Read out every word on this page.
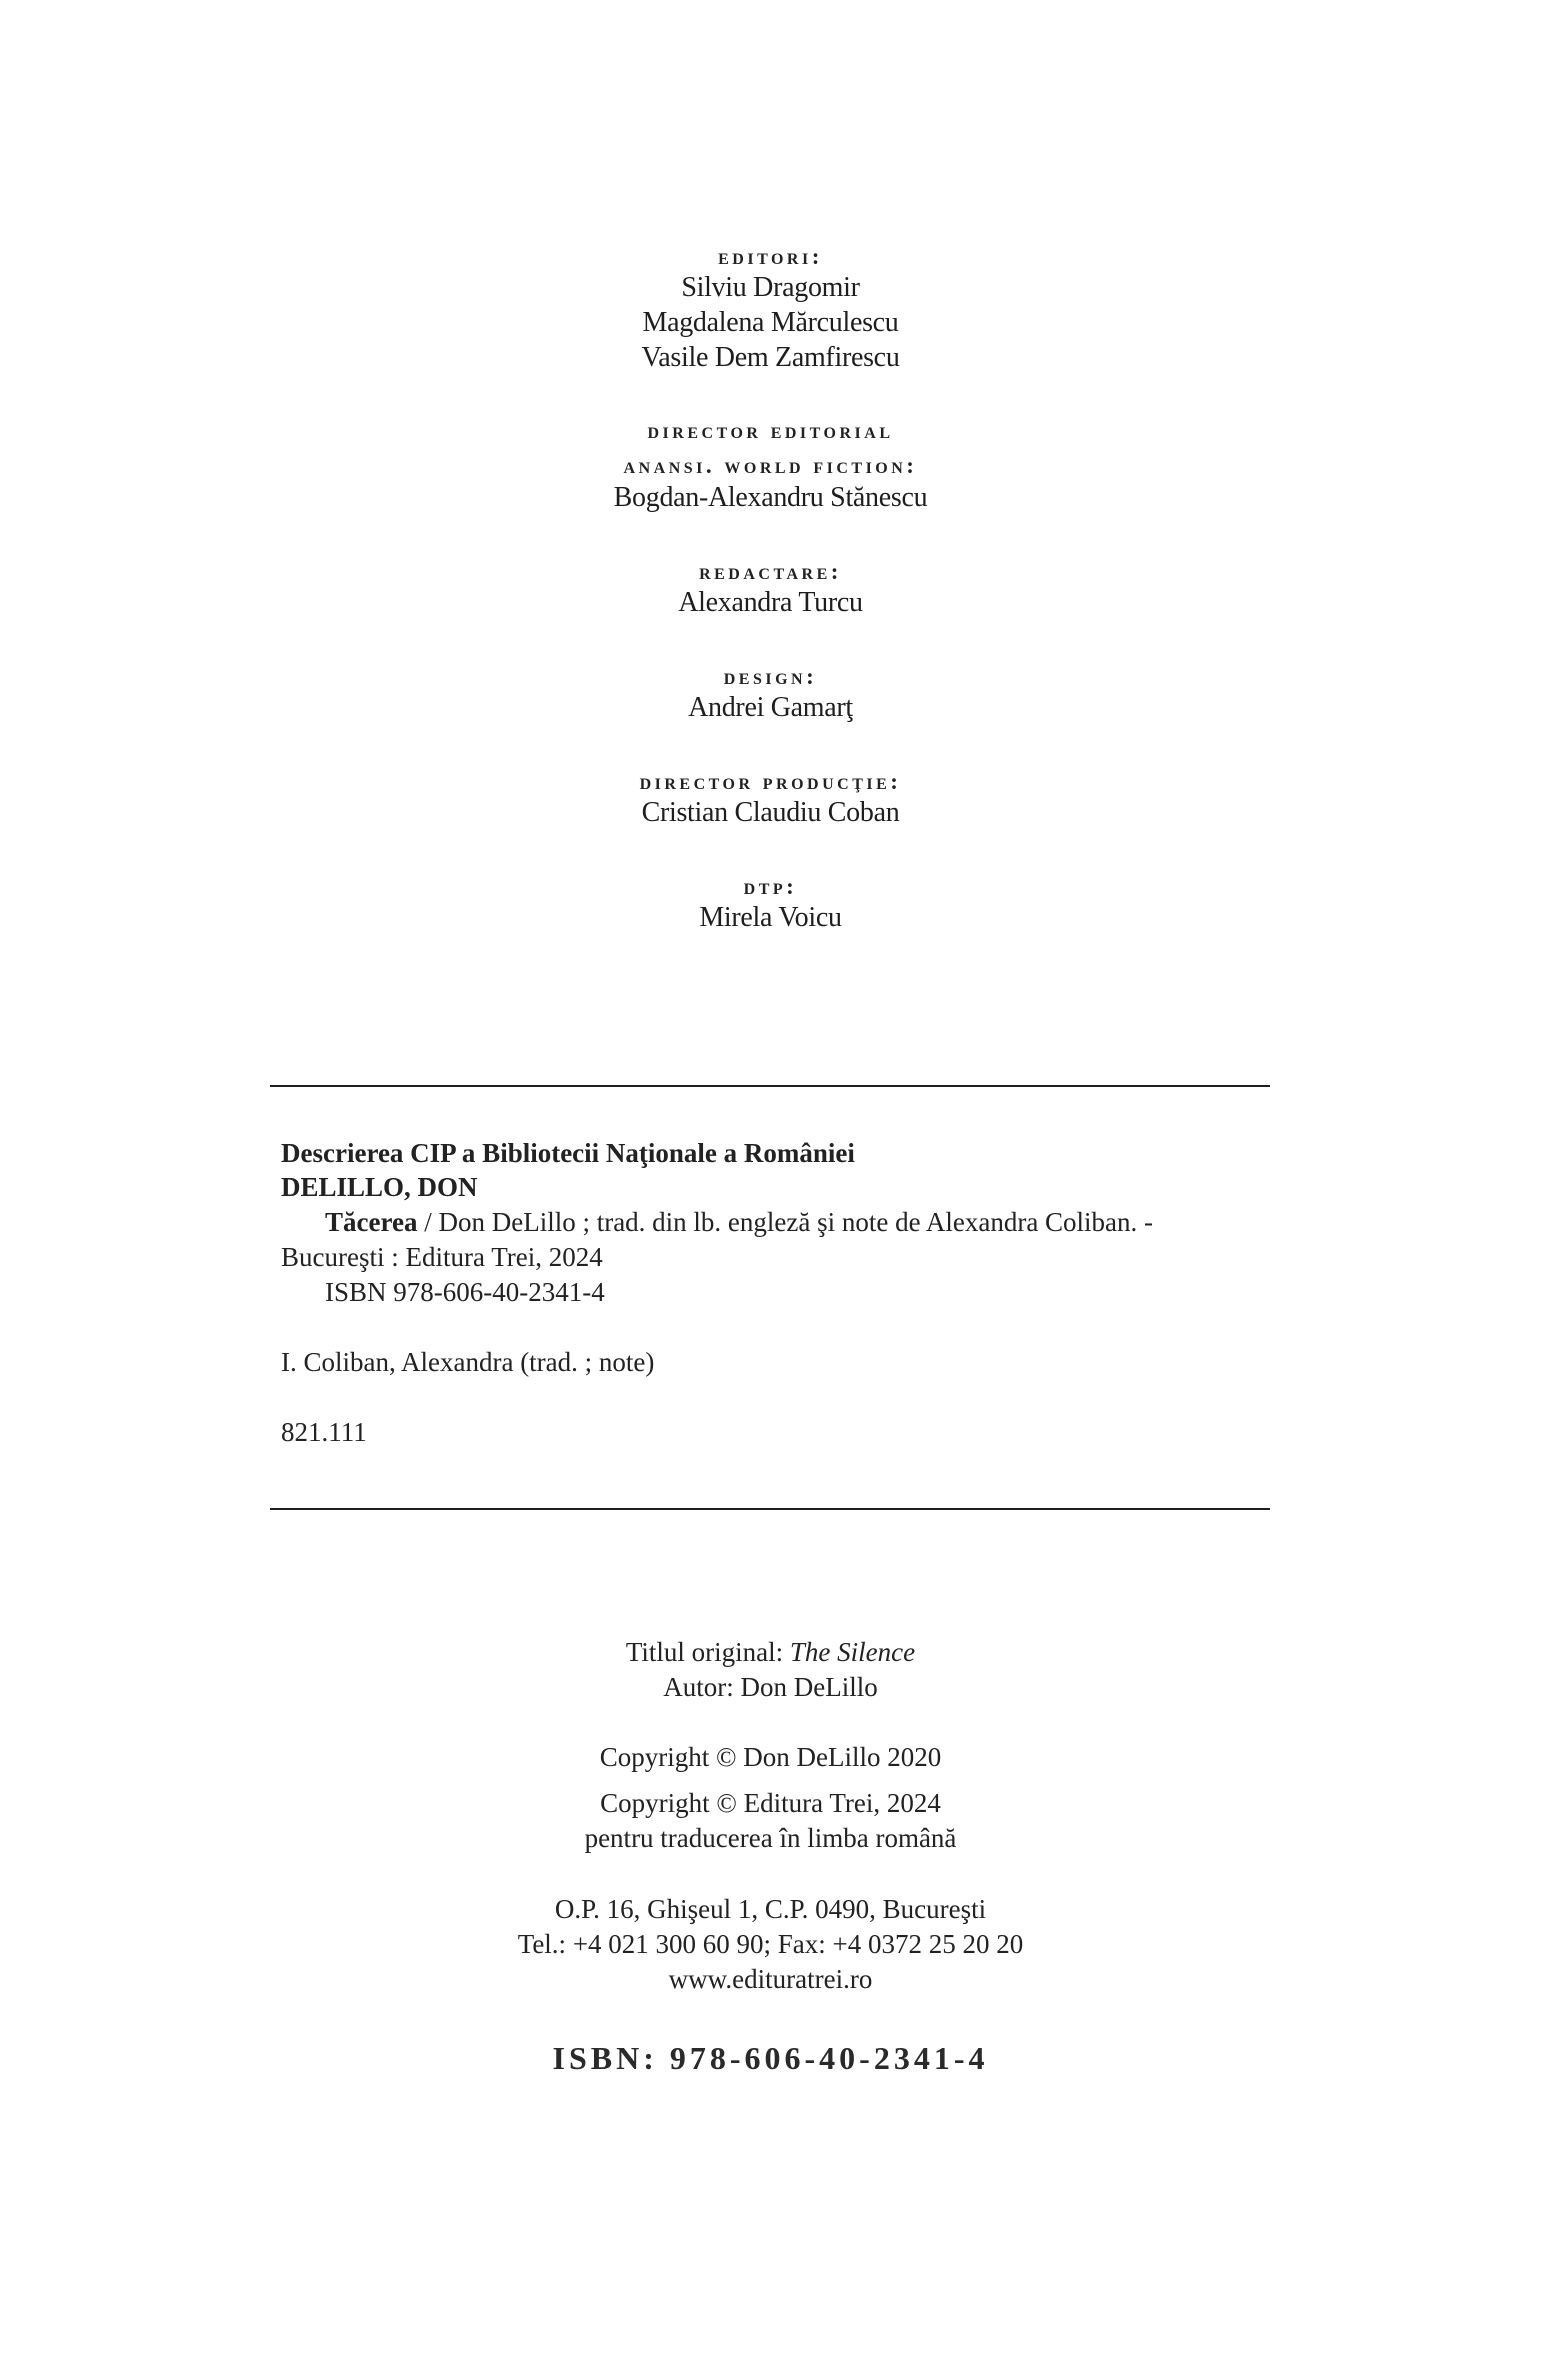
editori:
Silviu Dragomir
Magdalena Mărculescu
Vasile Dem Zamfirescu
director editorial
anansi. world fiction:
Bogdan-Alexandru Stănescu
redactare:
Alexandra Turcu
design:
Andrei Gamarţ
director producţie:
Cristian Claudiu Coban
dtp:
Mirela Voicu
Descrierea CIP a Bibliotecii Naţionale a României
DELILLO, DON
Tăcerea / Don DeLillo ; trad. din lb. engleză şi note de Alexandra Coliban. -
Bucureşti : Editura Trei, 2024
ISBN 978-606-40-2341-4
I. Coliban, Alexandra (trad. ; note)
821.111
Titlul original: The Silence
Autor: Don DeLillo
Copyright © Don DeLillo 2020
Copyright © Editura Trei, 2024
pentru traducerea în limba română
O.P. 16, Ghişeul 1, C.P. 0490, Bucureşti
Tel.: +4 021 300 60 90; Fax: +4 0372 25 20 20
www.edituratrei.ro
ISBN: 978-606-40-2341-4
